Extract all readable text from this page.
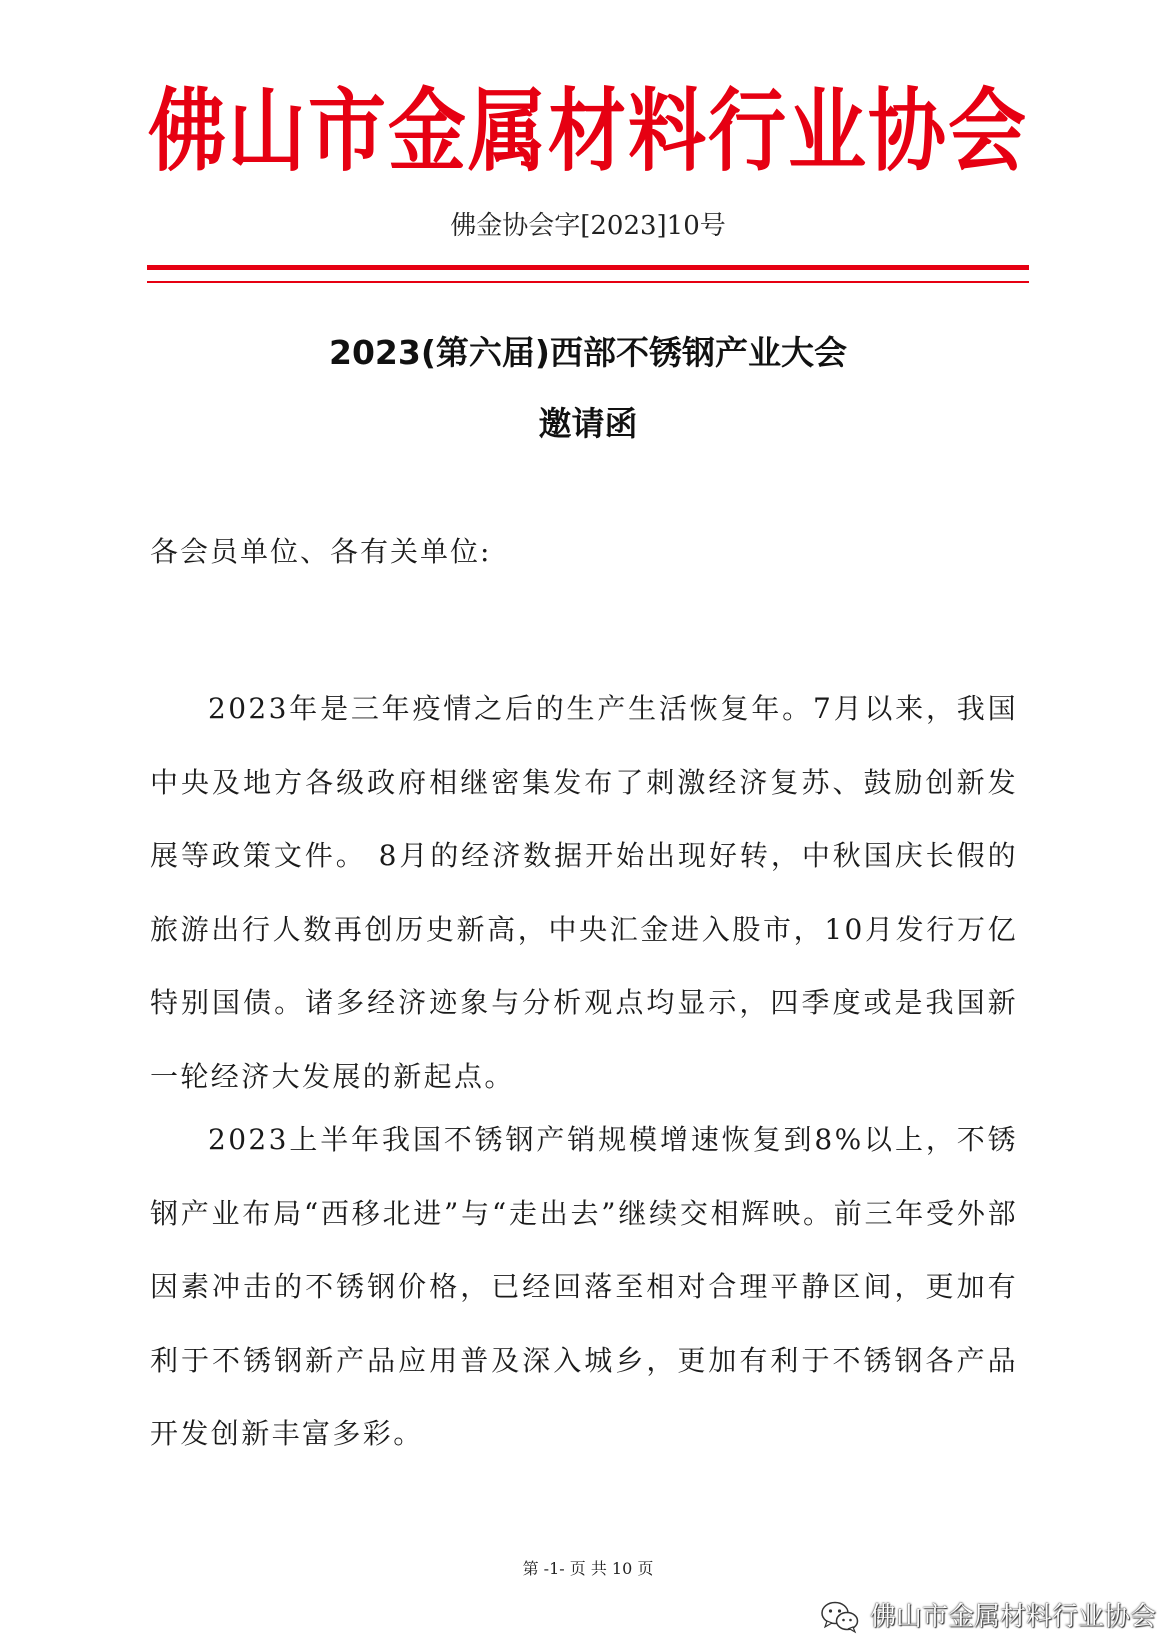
佛山市金属材料行业协会
佛金协会字[2023]10号
2023(第六届)西部不锈钢产业大会
邀请函
各会员单位、各有关单位:

2023年是三年疫情之后的生产生活恢复年。7月以来，我国中央及地方各级政府相继密集发布了刺激经济复苏、鼓励创新发展等政策文件。 8月的经济数据开始出现好转，中秋国庆长假的旅游出行人数再创历史新高，中央汇金进入股市，10月发行万亿特别国债。诸多经济迹象与分析观点均显示，四季度或是我国新一轮经济大发展的新起点。

2023上半年我国不锈钢产销规模增速恢复到8%以上，不锈钢产业布局“西移北进”与“走出去”继续交相辉映。前三年受外部因素冲击的不锈钢价格，已经回落至相对合理平静区间，更加有利于不锈钢新产品应用普及深入城乡，更加有利于不锈钢各产品开发创新丰富多彩。

第 -1- 页 共 10 页
佛山市金属材料行业协会
